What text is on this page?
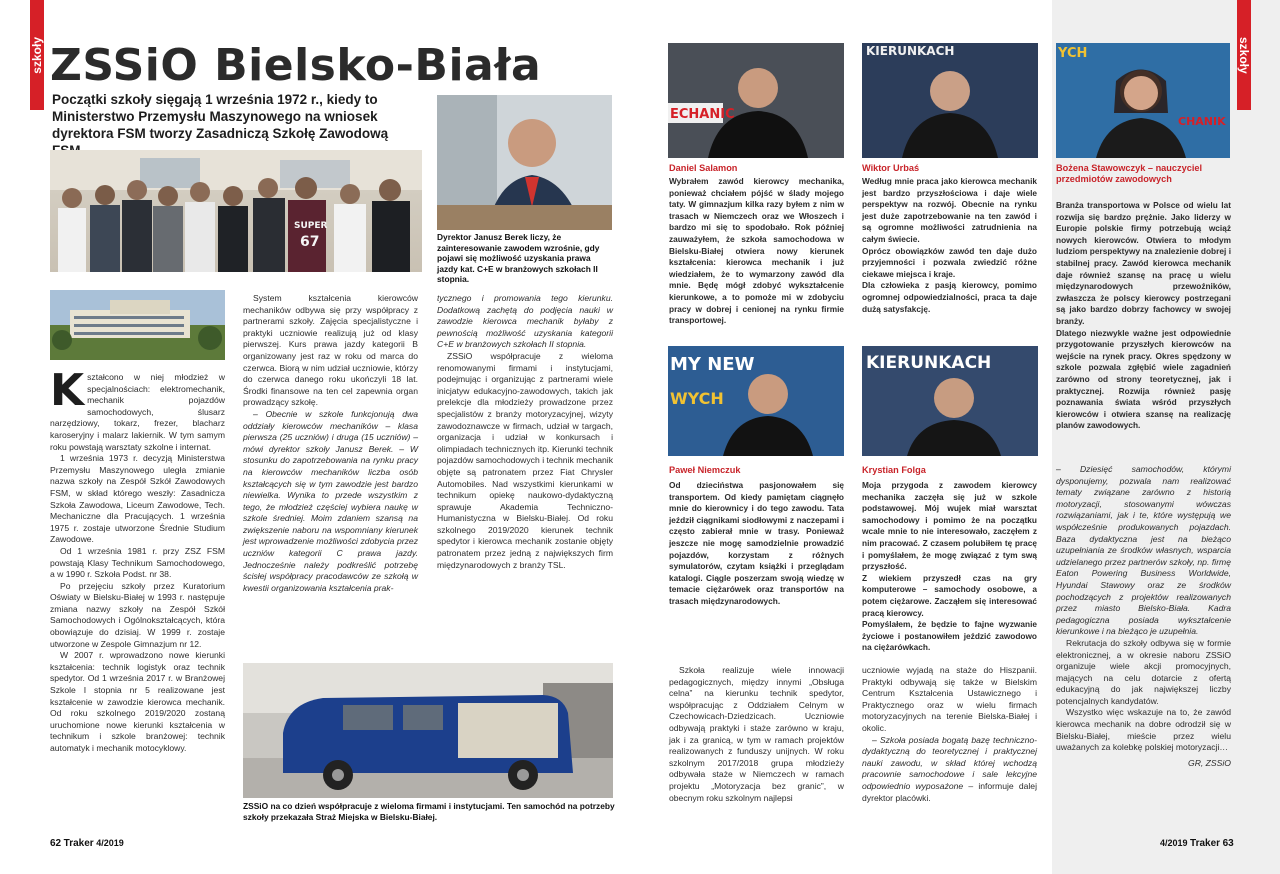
szkoły	szkoły
ZSSiO Bielsko-Biała
Początki szkoły sięgają 1 września 1972 r., kiedy to Ministerstwo Przemysłu Maszynowego na wniosek dyrektora FSM tworzy Zasadniczą Szkołę Zawodową
SUPER
67	Dyrektor Janusz Berek liczy, że zainteresowanie zawodem wzrośnie, gdy pojawi się możliwość uzyskania prawa jazdy kat. C+E w branżowych szkołach II stopnia.

Kształcono w niej młodzież w specjalnościach: elektromechanik, mechanik pojazdów samochodowych, ślusarz narzędziowy, tokarz, frezer, blacharz karoseryjny i malarz lakiernik. W tym samym roku powstają warsztaty szkolne i internat.

1 września 1973 r. decyzją Ministerstwa Przemysłu Maszynowego uległa zmianie nazwa szkoły na Zespół Szkół Zawodowych FSM, w skład którego weszły: Zasadnicza Szkoła Zawodowa, Liceum Zawodowe, Tech. Mechaniczne dla Pracujących. 1 września 1975 r. zostaje utworzone Średnie Studium Zawodowe.

Od 1 września 1981 r. przy ZSZ FSM powstają Klasy Technikum Samochodowego, a w 1990 r. Szkoła Podst. nr 38.

Po przejęciu szkoły przez Kuratorium Oświaty w Bielsku-Białej w 1993 r. następuje zmiana nazwy szkoły na Zespół Szkół Samochodowych i Ogólnokształcących, która obowiązuje do dzisiaj. W 1999 r. zostaje utworzone w Zespole Gimnazjum nr 12.

W 2007 r. wprowadzono nowe kierunki kształcenia: technik logistyk oraz technik spedytor. Od 1 września 2017 r. w Branżowej Szkole I stopnia nr 5 realizowane jest kształcenie w zawodzie kierowca mechanik. Od roku szkolnego 2019/2020 zostaną uruchomione nowe kierunki kształcenia w technikum i szkole branżowej: technik automatyk i mechanik motocyklowy.

System kształcenia kierowców mechaników odbywa się przy współpracy z partnerami szkoły. Zajęcia specjalistyczne i praktyki uczniowie realizują już od klasy pierwszej. Kurs prawa jazdy kategorii B organizowany jest raz w roku od marca do czerwca. Biorą w nim udział uczniowie, którzy do czerwca danego roku ukończyli 18 lat. Środki finansowe na ten cel zapewnia organ prowadzący szkołę.

– Obecnie w szkole funkcjonują dwa oddziały kierowców mechaników – klasa pierwsza (25 uczniów) i druga (15 uczniów) – mówi dyrektor szkoły Janusz Berek. – W stosunku do zapotrzebowania na rynku pracy na kierowców mechaników liczba osób kształcących się w tym zawodzie jest bardzo niewielka. Wynika to przede wszystkim z tego, że młodzież częściej wybiera naukę w szkole średniej. Moim zdaniem szansą na zwiększenie naboru na wspomniany kierunek jest wprowadzenie możliwości zdobycia przez uczniów kategorii C prawa jazdy. Jednocześnie należy podkreślić potrzebę ścisłej współpracy pracodawców ze szkołą w kwestii organizowania kształcenia prak-

tycznego i promowania tego kierunku. Dodatkową zachętą do podjęcia nauki w zawodzie kierowca mechanik byłaby z pewnością możliwość uzyskania kategorii C+E w branżowych szkołach II stopnia.

ZSSiO współpracuje z wieloma renomowanymi firmami i instytucjami, podejmując i organizując z partnerami wiele inicjatyw edukacyjno-zawodowych, takich jak prelekcje dla młodzieży prowadzone przez specjalistów z branży motoryzacyjnej, wizyty zawodoznawcze w firmach, udział w targach, organizacja i udział w konkursach i olimpiadach technicznych itp. Kierunki technik pojazdów samochodowych i technik mechanik objęte są patronatem przez Fiat Chrysler Automobiles. Nad wszystkimi kierunkami w technikum opiekę naukowo-dydaktyczną sprawuje Akademia Techniczno-Humanistyczna w Bielsku-Białej. Od roku szkolnego 2019/2020 kierunek technik spedytor i kierowca mechanik zostanie objęty patronatem przez jedną z największych firm międzynarodowych z branży TSL.

ZSSiO na co dzień współpracuje z wieloma firmami i instytucjami. Ten samochód na potrzeby szkoły przekazała Straż Miejska w Bielsku-Białej.
62 Traker 4/2019
ECHANIC
KIERUNKACH	YCH
CHANIK
Daniel Salamon	Wiktor Urbaś	Bożena Stawowczyk – nauczyciel przedmiotów zawodowych
Wybrałem zawód kierowcy mechanika, ponieważ chciałem pójść w ślady mojego taty. W gimnazjum kilka razy byłem z nim w trasach w Niemczech oraz we Włoszech i bardzo mi się to spodobało. Rok później zauważyłem, że szkoła samochodowa w Bielsku-Białej otwiera nowy kierunek kształcenia: kierowca mechanik i już wiedziałem, że to wymarzony zawód dla mnie. Będę mógł zdobyć wykształcenie kierunkowe, a to pomoże mi w zdobyciu pracy w dobrej i cenionej na rynku firmie transportowej.
Według mnie praca jako kierowca mechanik jest bardzo przyszłościowa i daje wiele perspektyw na rozwój. Obecnie na rynku jest duże zapotrzebowanie na ten zawód i są ogromne możliwości zatrudnienia na całym świecie.
Oprócz obowiązków zawód ten daje dużo przyjemności i pozwala zwiedzić różne ciekawe miejsca i kraje.
Dla człowieka z pasją kierowcy, pomimo ogromnej odpowiedzialności, praca ta daje dużą satysfakcję.
Branża transportowa w Polsce od wielu lat rozwija się bardzo prężnie. Jako liderzy w Europie polskie firmy potrzebują wciąż nowych kierowców. Otwiera to młodym ludziom perspektywy na znalezienie dobrej i stabilnej pracy. Zawód kierowca mechanik daje również szansę na pracę u wielu międzynarodowych przewoźników, zwłaszcza że polscy kierowcy postrzegani są jako bardzo dobrzy fachowcy w swojej branży.
Dlatego niezwykle ważne jest odpowiednie przygotowanie przyszłych kierowców na wejście na rynek pracy. Okres spędzony w szkole pozwala zgłębić wiele zagadnień zarówno od strony teoretycznej, jak i praktycznej. Rozwija również pasję poznawania świata wśród przyszłych kierowców i otwiera szansę na realizację planów zawodowych.
MY NEW
WYCH
KIERUNKACH
Paweł Niemczuk	Krystian Folga
Od dzieciństwa pasjonowałem się transportem. Od kiedy pamiętam ciągnęło mnie do kierownicy i do tego zawodu. Tata jeździł ciągnikami siodłowymi z naczepami i często zabierał mnie w trasy. Ponieważ jeszcze nie mogę samodzielnie prowadzić pojazdów, korzystam z różnych symulatorów, czytam książki i przeglądam katalogi. Ciągle poszerzam swoją wiedzę w temacie ciężarówek oraz transportów na trasach międzynarodowych.
Moja przygoda z zawodem kierowcy mechanika zaczęła się już w szkole podstawowej. Mój wujek miał warsztat samochodowy i pomimo że na początku wcale mnie to nie interesowało, zaczęłem z nim pracować. Z czasem polubiłem tę pracę i pomyślałem, że mogę związać z tym swą przyszłość.
Z wiekiem przyszedł czas na gry komputerowe – samochody osobowe, a potem ciężarowe. Zacząłem się interesować pracą kierowcy.
Pomyślałem, że będzie to fajne wyzwanie życiowe i postanowiłem jeździć zawodowo na ciężarówkach.

Szkoła realizuje wiele innowacji pedagogicznych, między innymi „Obsługa celna” na kierunku technik spedytor, współpracując z Oddziałem Celnym w Czechowicach-Dziedzicach. Uczniowie odbywają praktyki i staże zarówno w kraju, jak i za granicą, w tym w ramach projektów realizowanych z funduszy unijnych. W roku szkolnym 2017/2018 grupa młodzieży odbywała staże w Niemczech w ramach projektu „Motoryzacja bez granic”, w obecnym roku szkolnym najlepsi

uczniowie wyjadą na staże do Hiszpanii. Praktyki odbywają się także w Bielskim Centrum Kształcenia Ustawicznego i Praktycznego oraz w wielu firmach motoryzacyjnych na terenie Bielska-Białej i okolic.

– Szkoła posiada bogatą bazę techniczno-dydaktyczną do teoretycznej i praktycznej nauki zawodu, w skład której wchodzą pracownie samochodowe i sale lekcyjne odpowiednio wyposażone – informuje dalej dyrektor placówki.

– Dziesięć samochodów, którymi dysponujemy, pozwala nam realizować tematy związane zarówno z historią motoryzacji, stosowanymi wówczas rozwiązaniami, jak i te, które występują we współcześnie produkowanych pojazdach. Baza dydaktyczna jest na bieżąco uzupełniania ze środków własnych, wsparcia udzielanego przez partnerów szkoły, np. firmę Eaton Powering Business Worldwide, Hyundai Stawowy oraz ze środków pochodzących z projektów realizowanych przez miasto Bielsko-Biała. Kadra pedagogiczna posiada wykształcenie kierunkowe i na bieżąco je uzupełnia.

Rekrutacja do szkoły odbywa się w formie elektronicznej, a w okresie naboru ZSSiO organizuje wiele akcji promocyjnych, mających na celu dotarcie z ofertą edukacyjną do jak największej liczby potencjalnych kandydatów.

Wszystko więc wskazuje na to, że zawód kierowca mechanik na dobre odrodził się w Bielsku-Białej, mieście przez wielu uważanych za kolebkę polskiej motoryzacji…

GR, ZSSiO
4/2019 Traker 63
